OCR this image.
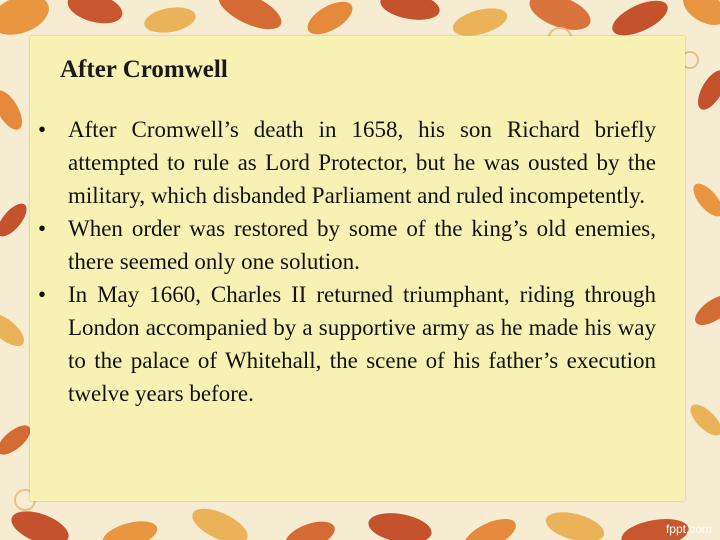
After Cromwell
• After Cromwell’s death in 1658, his son Richard briefly attempted to rule as Lord Protector, but he was ousted by the military, which disbanded Parliament and ruled incompetently.
• When order was restored by some of the king’s old enemies, there seemed only one solution.
• In May 1660, Charles II returned triumphant, riding through London accompanied by a supportive army as he made his way to the palace of Whitehall, the scene of his father’s execution twelve years before.
fppt.com
